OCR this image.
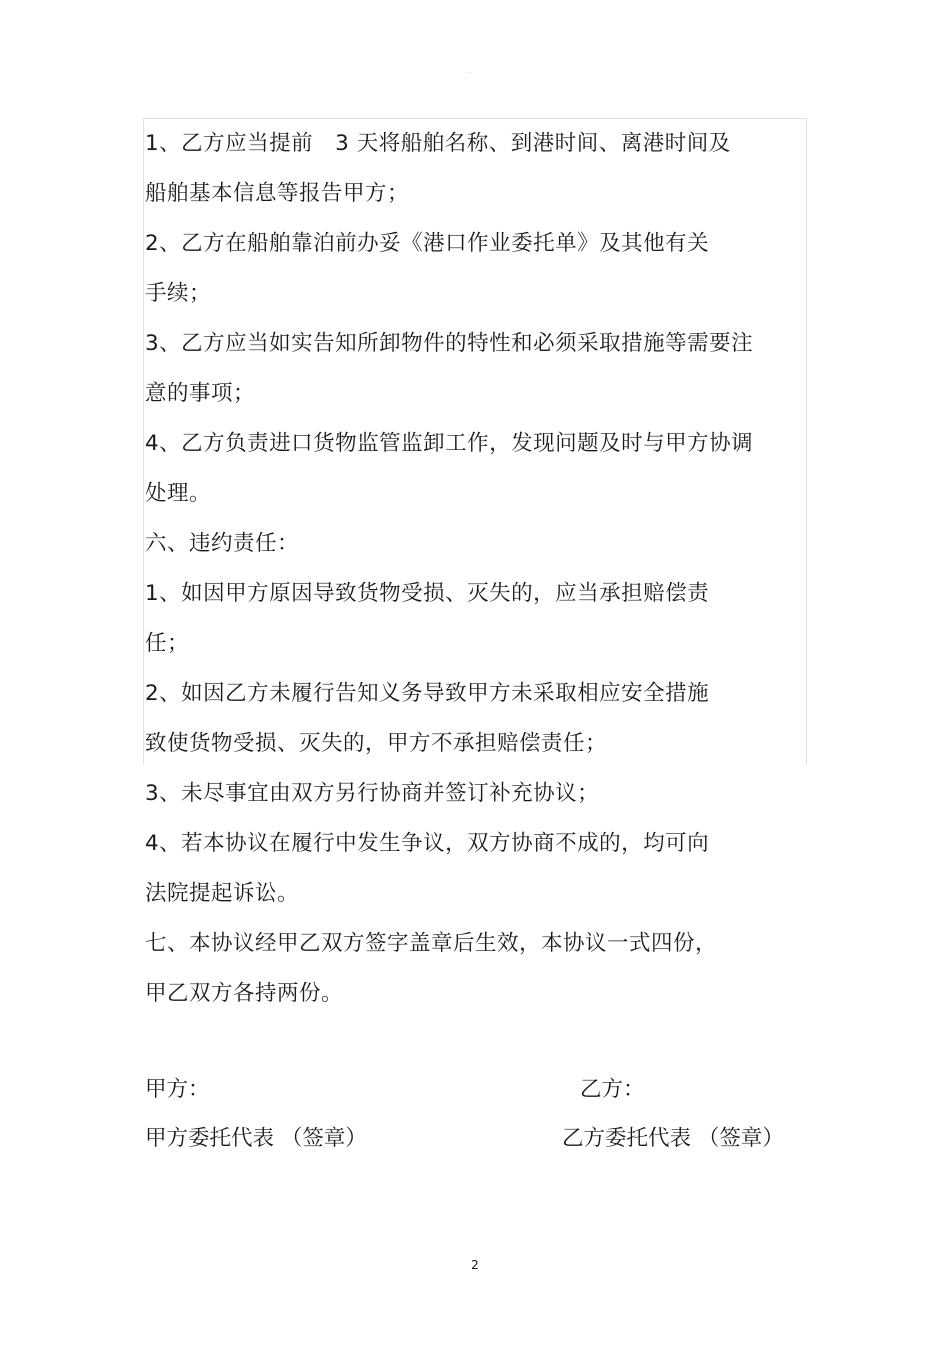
·
1、乙方应当提前　3 天将船舶名称、到港时间、离港时间及
船舶基本信息等报告甲方；
2、乙方在船舶靠泊前办妥《港口作业委托单》及其他有关
手续；
3、乙方应当如实告知所卸物件的特性和必须采取措施等需要注
意的事项；
4、乙方负责进口货物监管监卸工作，发现问题及时与甲方协调
处理。
六、违约责任：
1、如因甲方原因导致货物受损、灭失的，应当承担赔偿责
任；
2、如因乙方未履行告知义务导致甲方未采取相应安全措施
致使货物受损、灭失的，甲方不承担赔偿责任；
3、未尽事宜由双方另行协商并签订补充协议；
4、若本协议在履行中发生争议，双方协商不成的，均可向
法院提起诉讼。
七、本协议经甲乙双方签字盖章后生效，本协议一式四份，
甲乙双方各持两份。
甲方：	乙方：
甲方委托代表 （签章）	乙方委托代表 （签章）
2
